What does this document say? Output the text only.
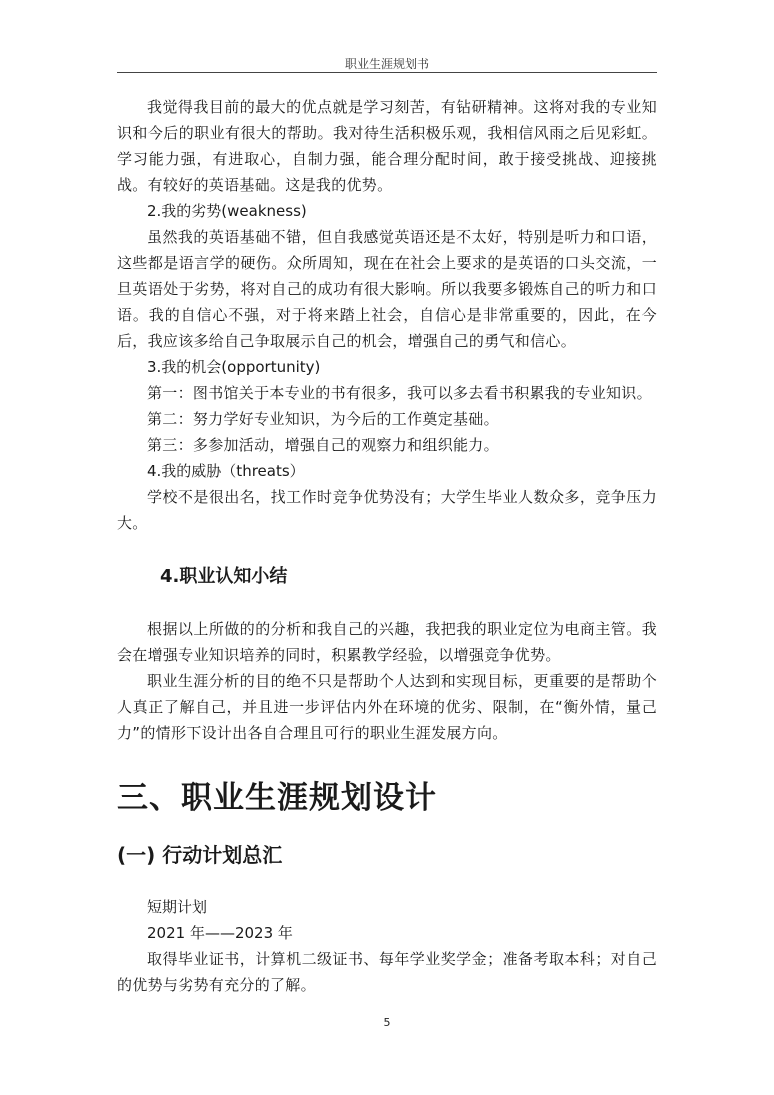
职业生涯规划书

我觉得我目前的最大的优点就是学习刻苦，有钻研精神。这将对我的专业知识和今后的职业有很大的帮助。我对待生活积极乐观，我相信风雨之后见彩虹。学习能力强，有进取心，自制力强，能合理分配时间，敢于接受挑战、迎接挑战。有较好的英语基础。这是我的优势。

2.我的劣势(weakness)

虽然我的英语基础不错，但自我感觉英语还是不太好，特别是听力和口语，这些都是语言学的硬伤。众所周知，现在在社会上要求的是英语的口头交流，一旦英语处于劣势，将对自己的成功有很大影响。所以我要多锻炼自己的听力和口语。我的自信心不强，对于将来踏上社会，自信心是非常重要的，因此，在今后，我应该多给自己争取展示自己的机会，增强自己的勇气和信心。

3.我的机会(opportunity)

第一：图书馆关于本专业的书有很多，我可以多去看书积累我的专业知识。

第二：努力学好专业知识，为今后的工作奠定基础。

第三：多参加活动，增强自己的观察力和组织能力。

4.我的威胁（threats）

学校不是很出名，找工作时竞争优势没有；大学生毕业人数众多，竞争压力大。

4.职业认知小结

根据以上所做的的分析和我自己的兴趣，我把我的职业定位为电商主管。我会在增强专业知识培养的同时，积累教学经验，以增强竞争优势。

职业生涯分析的目的绝不只是帮助个人达到和实现目标，更重要的是帮助个人真正了解自己，并且进一步评估内外在环境的优劣、限制，在“衡外情，量己力”的情形下设计出各自合理且可行的职业生涯发展方向。

三、职业生涯规划设计
(一) 行动计划总汇
短期计划
2021 年——2023 年

取得毕业证书，计算机二级证书、每年学业奖学金；准备考取本科；对自己的优势与劣势有充分的了解。

5
